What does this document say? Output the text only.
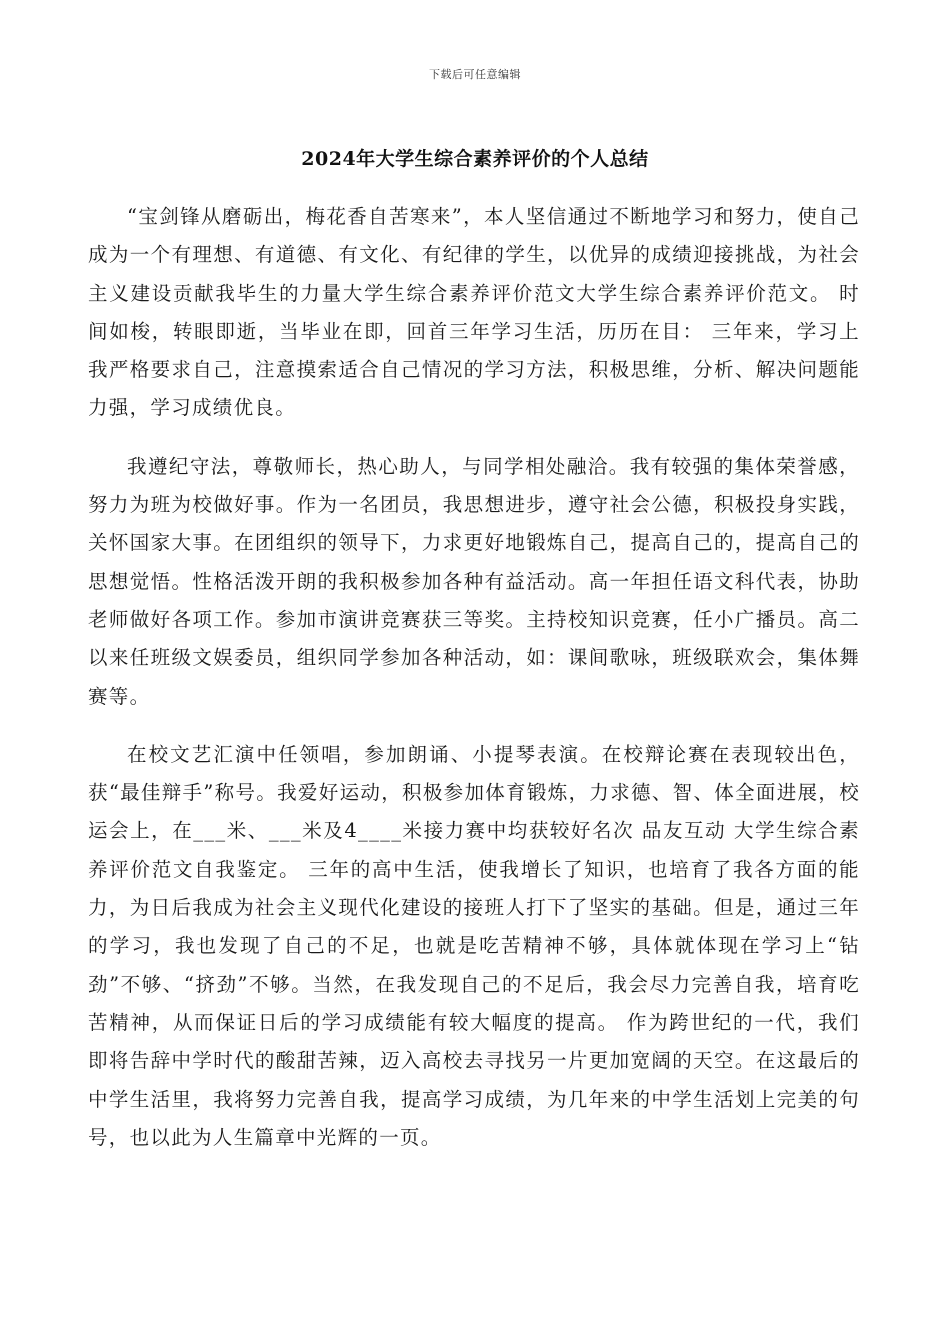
下载后可任意编辑
2024年大学生综合素养评价的个人总结

“宝剑锋从磨砺出，梅花香自苦寒来”，本人坚信通过不断地学习和努力，使自己成为一个有理想、有道德、有文化、有纪律的学生，以优异的成绩迎接挑战，为社会主义建设贡献我毕生的力量大学生综合素养评价范文大学生综合素养评价范文。 时间如梭，转眼即逝，当毕业在即，回首三年学习生活，历历在目： 三年来，学习上我严格要求自己，注意摸索适合自己情况的学习方法，积极思维，分析、解决问题能力强，学习成绩优良。

我遵纪守法，尊敬师长，热心助人，与同学相处融洽。我有较强的集体荣誉感，努力为班为校做好事。作为一名团员，我思想进步，遵守社会公德，积极投身实践，关怀国家大事。在团组织的领导下，力求更好地锻炼自己，提高自己的，提高自己的思想觉悟。性格活泼开朗的我积极参加各种有益活动。高一年担任语文科代表，协助老师做好各项工作。参加市演讲竞赛获三等奖。主持校知识竞赛，任小广播员。高二以来任班级文娱委员，组织同学参加各种活动，如：课间歌咏，班级联欢会，集体舞赛等。

在校文艺汇演中任领唱，参加朗诵、小提琴表演。在校辩论赛在表现较出色，获“最佳辩手”称号。我爱好运动，积极参加体育锻炼，力求德、智、体全面进展，校运会上，在___米、___米及4____米接力赛中均获较好名次 品友互动 大学生综合素养评价范文自我鉴定。 三年的高中生活，使我增长了知识，也培育了我各方面的能力，为日后我成为社会主义现代化建设的接班人打下了坚实的基础。但是，通过三年的学习，我也发现了自己的不足，也就是吃苦精神不够，具体就体现在学习上“钻劲”不够、“挤劲”不够。当然，在我发现自己的不足后，我会尽力完善自我，培育吃苦精神，从而保证日后的学习成绩能有较大幅度的提高。 作为跨世纪的一代，我们即将告辞中学时代的酸甜苦辣，迈入高校去寻找另一片更加宽阔的天空。在这最后的中学生活里，我将努力完善自我，提高学习成绩，为几年来的中学生活划上完美的句号，也以此为人生篇章中光辉的一页。
